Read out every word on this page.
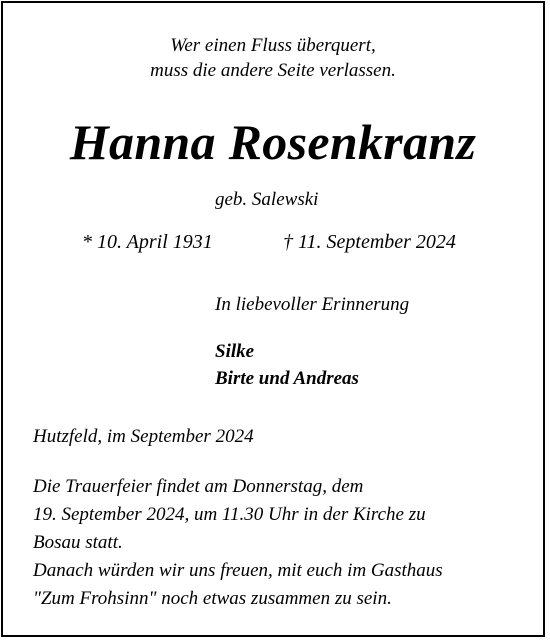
Wer einen Fluss überquert,
muss die andere Seite verlassen.
Hanna Rosenkranz
geb. Salewski
* 10. April 1931	† 11. September 2024
In liebevoller Erinnerung
Silke
Birte und Andreas
Hutzfeld, im September 2024
Die Trauerfeier findet am Donnerstag, dem
19. September 2024, um 11.30 Uhr in der Kirche zu
Bosau statt.
Danach würden wir uns freuen, mit euch im Gasthaus
"Zum Frohsinn" noch etwas zusammen zu sein.
